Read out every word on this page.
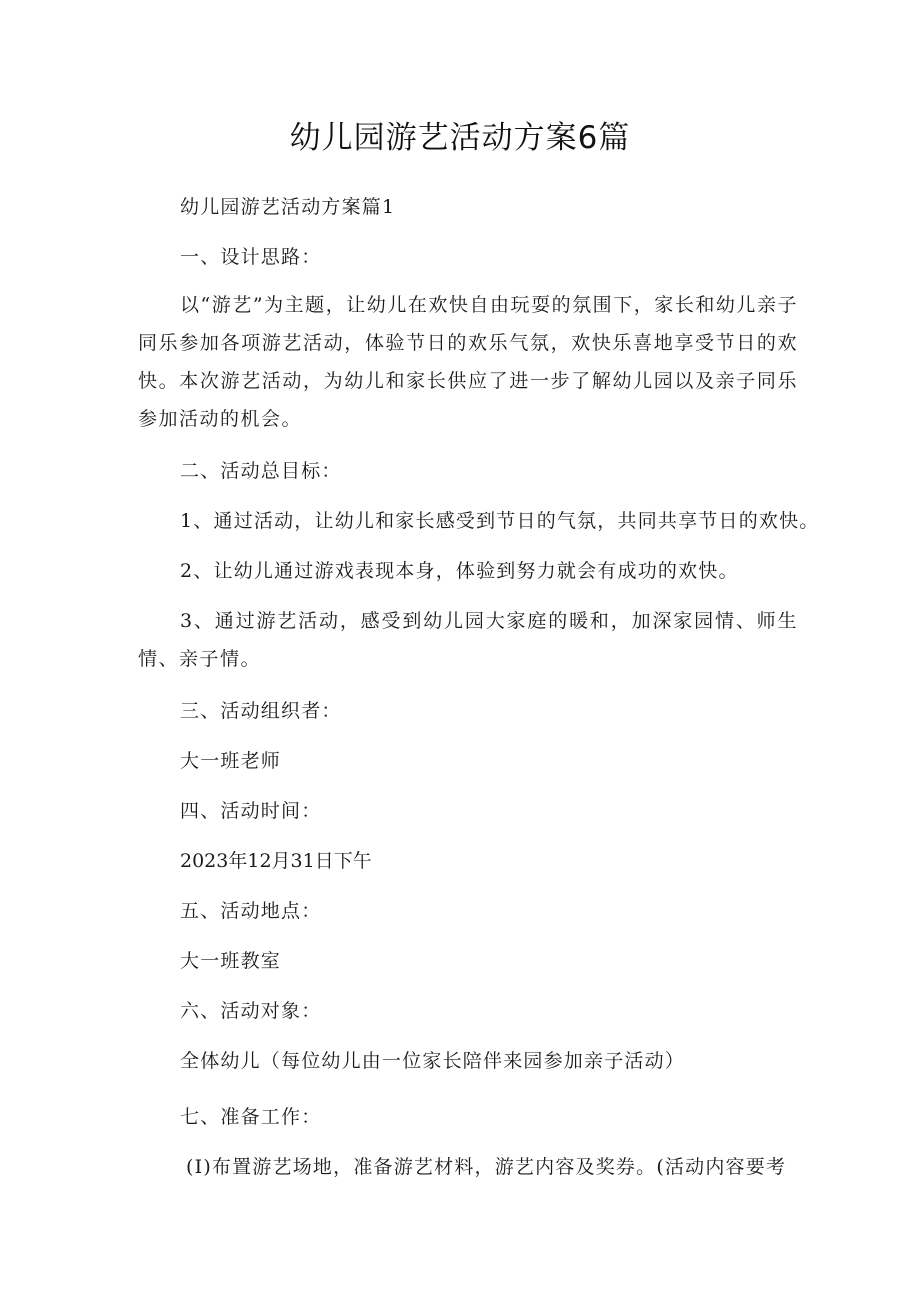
幼儿园游艺活动方案6篇

幼儿园游艺活动方案篇1

一、设计思路：

以“游艺”为主题，让幼儿在欢快自由玩耍的氛围下，家长和幼儿亲子同乐参加各项游艺活动，体验节日的欢乐气氛，欢快乐喜地享受节日的欢快。本次游艺活动，为幼儿和家长供应了进一步了解幼儿园以及亲子同乐参加活动的机会。

二、活动总目标：

1、通过活动，让幼儿和家长感受到节日的气氛，共同共享节日的欢快。

2、让幼儿通过游戏表现本身，体验到努力就会有成功的欢快。

3、通过游艺活动，感受到幼儿园大家庭的暖和，加深家园情、师生情、亲子情。

三、活动组织者：

大一班老师

四、活动时间：

2023年12月31日下午

五、活动地点：

大一班教室

六、活动对象：

全体幼儿（每位幼儿由一位家长陪伴来园参加亲子活动）

七、准备工作：

(I)布置游艺场地，准备游艺材料，游艺内容及奖券。(活动内容要考
